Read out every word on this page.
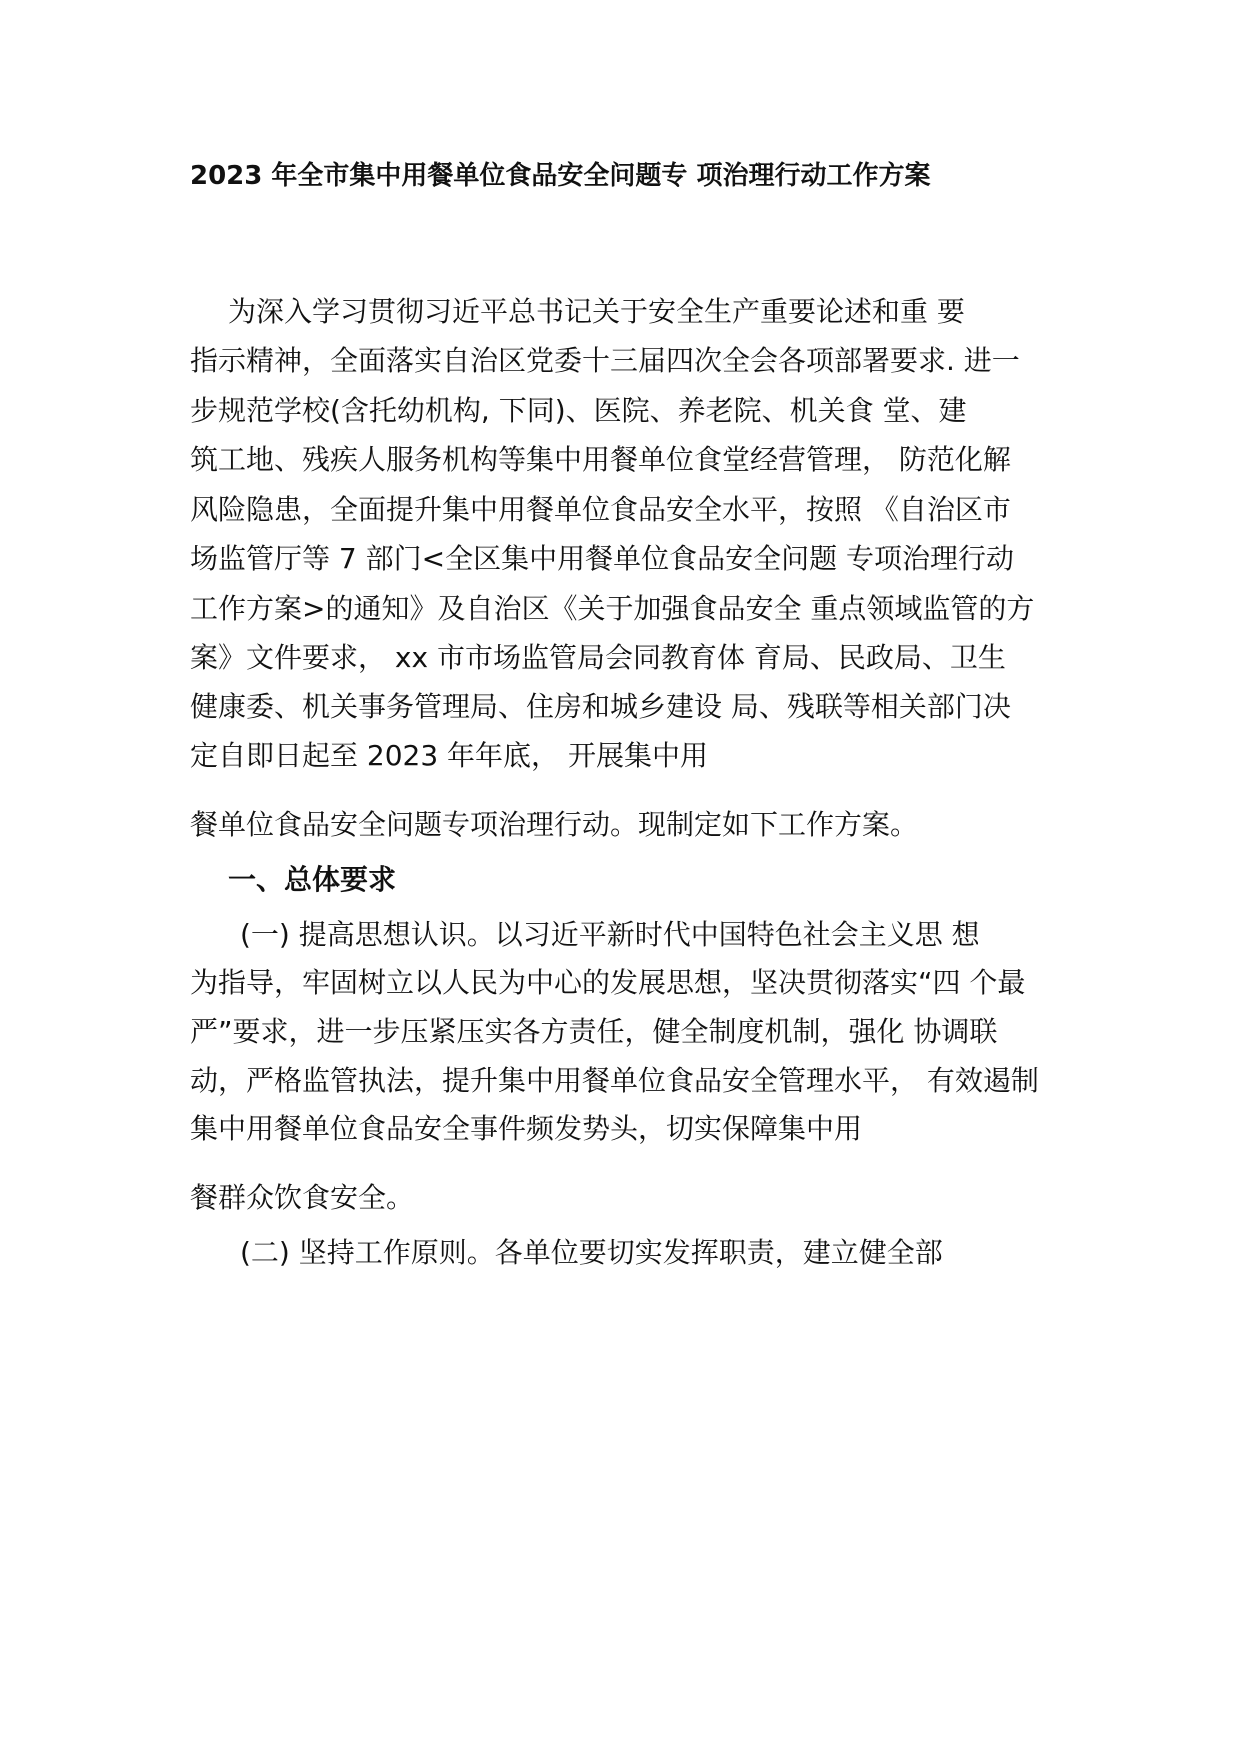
2023 年全市集中用餐单位食品安全问题专 项治理行动工作方案
为深入学习贯彻习近平总书记关于安全生产重要论述和重 要
指示精神，全面落实自治区党委十三届四次全会各项部署要求. 进一
步规范学校(含托幼机构, 下同)、医院、养老院、机关食 堂、建
筑工地、残疾人服务机构等集中用餐单位食堂经营管理， 防范化解
风险隐患，全面提升集中用餐单位食品安全水平，按照 《自治区市
场监管厅等 7 部门<全区集中用餐单位食品安全问题 专项治理行动
工作方案>的通知》及自治区《关于加强食品安全 重点领域监管的方
案》文件要求， xx 市市场监管局会同教育体 育局、民政局、卫生
健康委、机关事务管理局、住房和城乡建设 局、残联等相关部门决
定自即日起至 2023 年年底， 开展集中用
餐单位食品安全问题专项治理行动。现制定如下工作方案。
一、总体要求
(一) 提高思想认识。以习近平新时代中国特色社会主义思 想
为指导，牢固树立以人民为中心的发展思想，坚决贯彻落实“四 个最
严”要求，进一步压紧压实各方责任，健全制度机制，强化 协调联
动，严格监管执法，提升集中用餐单位食品安全管理水平， 有效遏制
集中用餐单位食品安全事件频发势头，切实保障集中用
餐群众饮食安全。
(二) 坚持工作原则。各单位要切实发挥职责，建立健全部
